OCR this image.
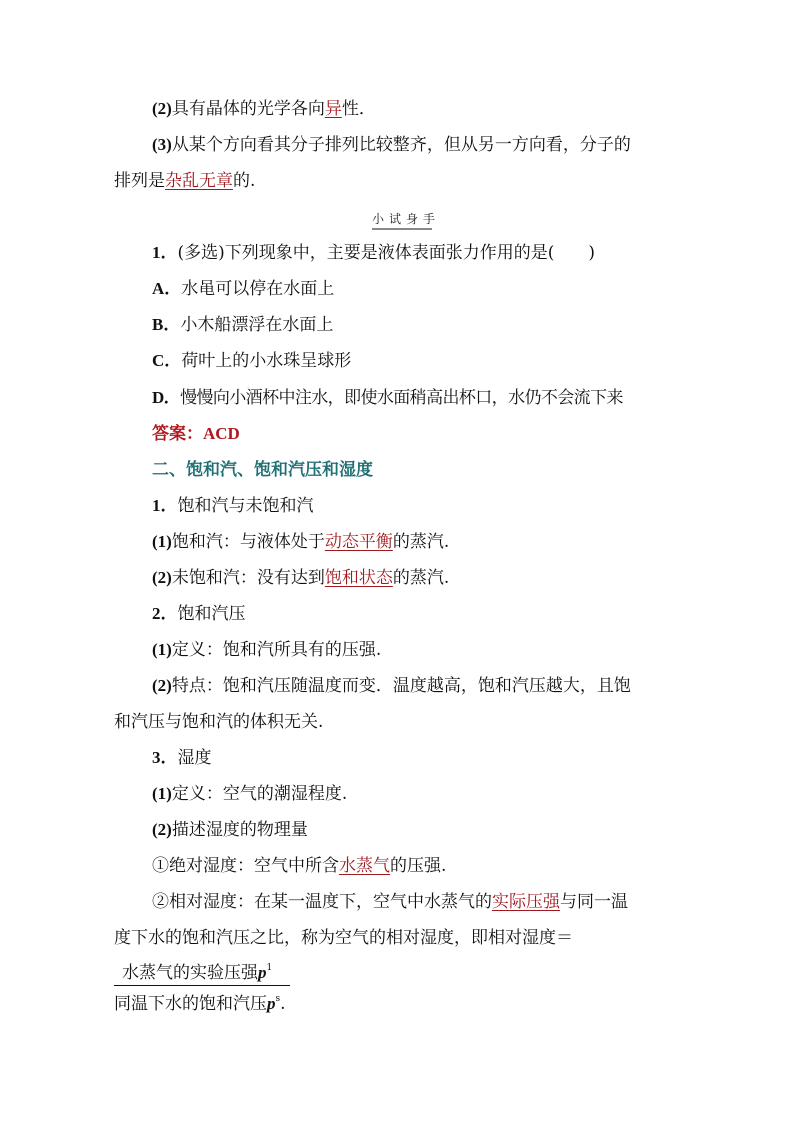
(2)具有晶体的光学各向异性．
(3)从某个方向看其分子排列比较整齐，但从另一方向看，分子的
排列是杂乱无章的.
小试身手
1．(多选)下列现象中，主要是液体表面张力作用的是(　　)
A．水黾可以停在水面上
B．小木船漂浮在水面上
C．荷叶上的小水珠呈球形
D．慢慢向小酒杯中注水，即使水面稍高出杯口，水仍不会流下来
答案：ACD
二、饱和汽、饱和汽压和湿度
1．饱和汽与未饱和汽
(1)饱和汽：与液体处于动态平衡的蒸汽.
(2)未饱和汽：没有达到饱和状态的蒸汽.
2．饱和汽压
(1)定义：饱和汽所具有的压强.
(2)特点：饱和汽压随温度而变．温度越高，饱和汽压越大，且饱
和汽压与饱和汽的体积无关.
3．湿度
(1)定义：空气的潮湿程度.
(2)描述湿度的物理量
①绝对湿度：空气中所含水蒸气的压强.
②相对湿度：在某一温度下，空气中水蒸气的实际压强与同一温
度下水的饱和汽压之比，称为空气的相对湿度，即相对湿度＝
水蒸气的实验压强$p^1$
同温下水的饱和汽压$p^s$.
